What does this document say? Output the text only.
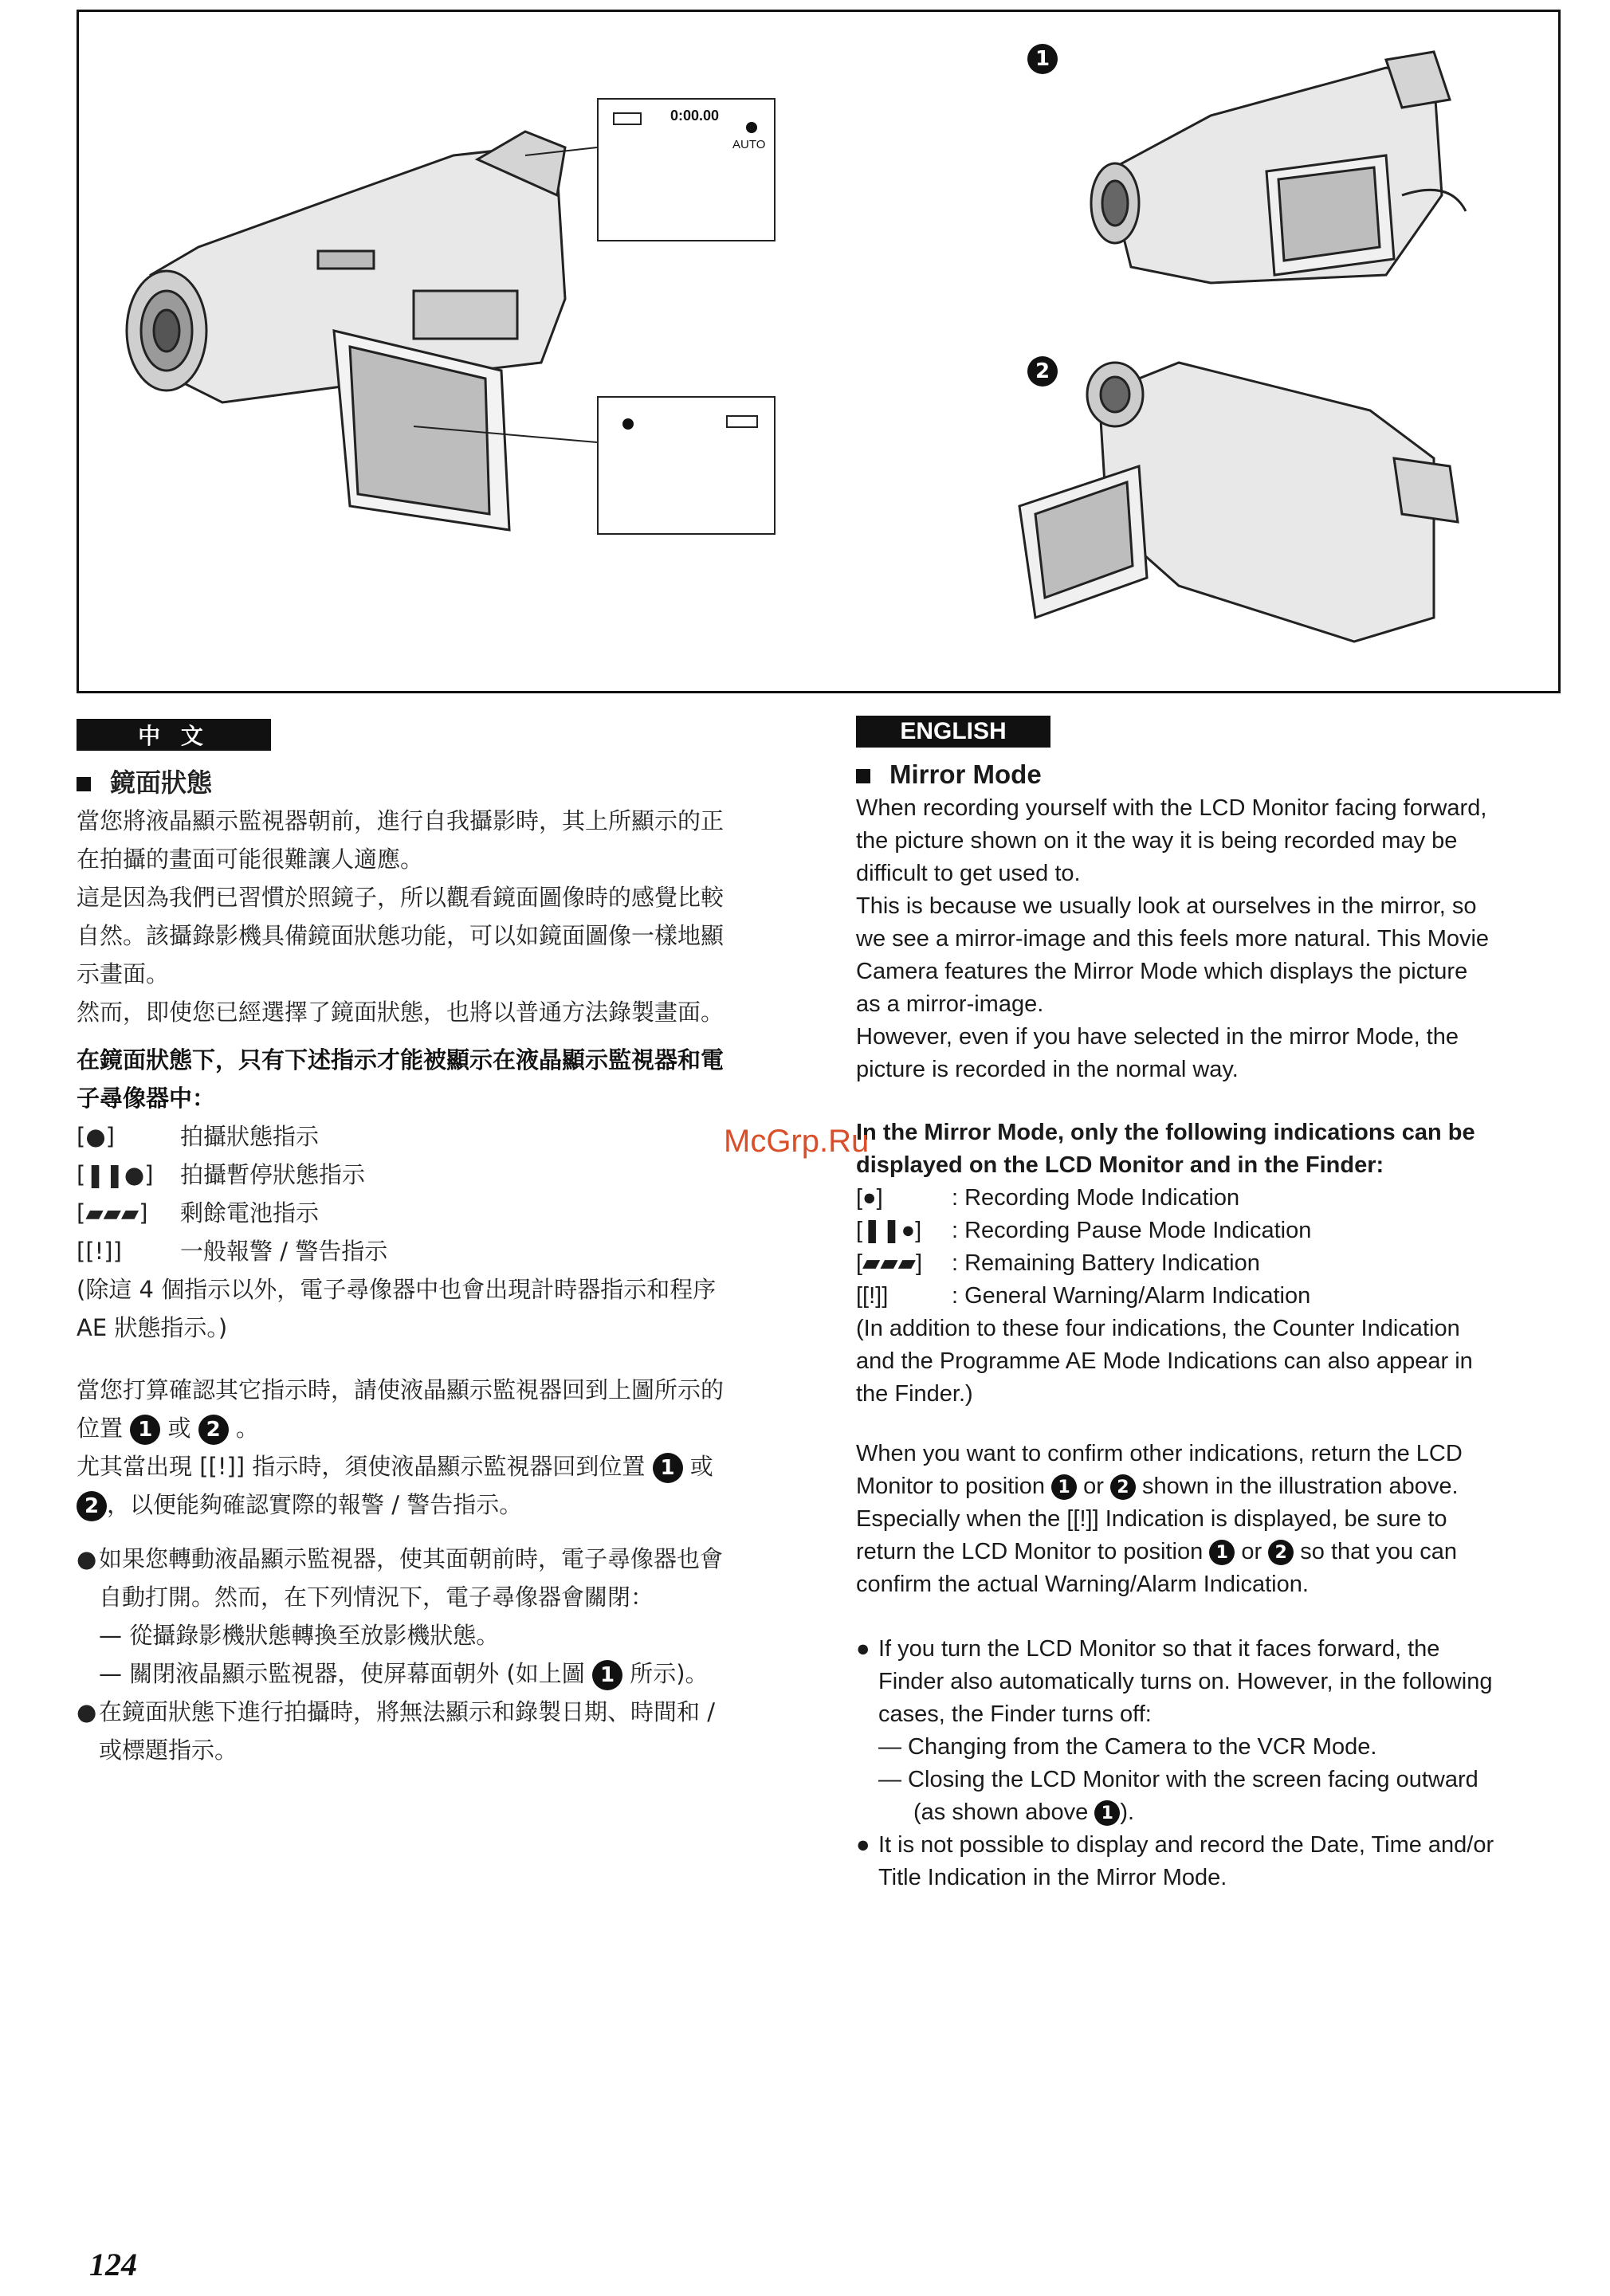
0:00.00
AUTO
1
2
中 文
鏡面狀態

當您將液晶顯示監視器朝前，進行自我攝影時，其上所顯示的正

在拍攝的畫面可能很難讓人適應。

這是因為我們已習慣於照鏡子，所以觀看鏡面圖像時的感覺比較

自然。該攝錄影機具備鏡面狀態功能，可以如鏡面圖像一樣地顯

示畫面。

然而，即使您已經選擇了鏡面狀態，也將以普通方法錄製畫面。

在鏡面狀態下，只有下述指示才能被顯示在液晶顯示監視器和電

子尋像器中：

[●]	拍攝狀態指示
[❚❚●]	拍攝暫停狀態指示
[▰▰▰]	剩餘電池指示
[[!]]	一般報警 / 警告指示

(除這 4 個指示以外，電子尋像器中也會出現計時器指示和程序

AE 狀態指示。)

當您打算確認其它指示時，請使液晶顯示監視器回到上圖所示的

位置 1 或 2 。

尤其當出現 [[!]] 指示時，須使液晶顯示監視器回到位置 1 或

2 ，以便能夠確認實際的報警 / 警告指示。

● 如果您轉動液晶顯示監視器，使其面朝前時，電子尋像器也會

自動打開。然而，在下列情況下，電子尋像器會關閉：

— 從攝錄影機狀態轉換至放影機狀態。

— 關閉液晶顯示監視器，使屏幕面朝外 (如上圖 1 所示)。

● 在鏡面狀態下進行拍攝時，將無法顯示和錄製日期、時間和 /

或標題指示。

ENGLISH
Mirror Mode

When recording yourself with the LCD Monitor facing forward,

the picture shown on it the way it is being recorded may be

difficult to get used to.

This is because we usually look at ourselves in the mirror, so

we see a mirror-image and this feels more natural. This Movie

Camera features the Mirror Mode which displays the picture

as a mirror-image.

However, even if you have selected in the mirror Mode, the

picture is recorded in the normal way.

In the Mirror Mode, only the following indications can be

displayed on the LCD Monitor and in the Finder:

[●]	: Recording Mode Indication
[❚❚●]	: Recording Pause Mode Indication
[▰▰▰]	: Remaining Battery Indication
[[!]]	: General Warning/Alarm Indication

(In addition to these four indications, the Counter Indication

and the Programme AE Mode Indications can also appear in

the Finder.)

When you want to confirm other indications, return the LCD

Monitor to position 1 or 2 shown in the illustration above.

Especially when the [[!]] Indication is displayed, be sure to

return the LCD Monitor to position 1 or 2 so that you can

confirm the actual Warning/Alarm Indication.

● If you turn the LCD Monitor so that it faces forward, the

Finder also automatically turns on. However, in the following

cases, the Finder turns off:

— Changing from the Camera to the VCR Mode.

— Closing the LCD Monitor with the screen facing outward

(as shown above 1 ).

● It is not possible to display and record the Date, Time and/or

Title Indication in the Mirror Mode.

McGrp.Ru
124
